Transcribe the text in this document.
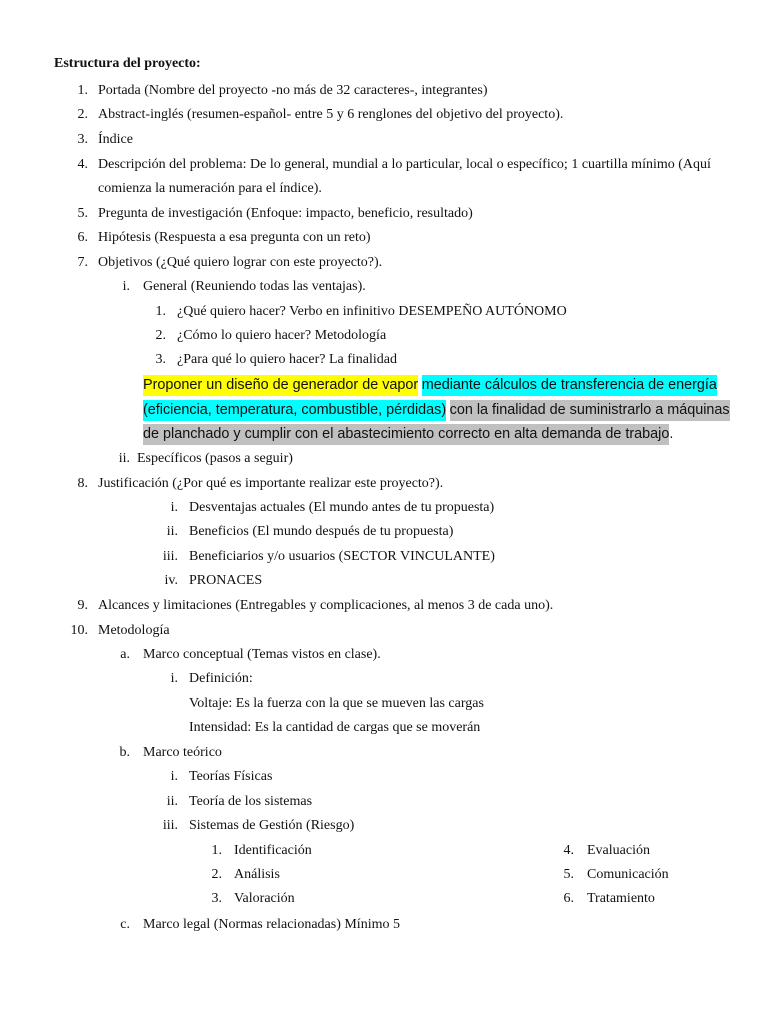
Estructura del proyecto:
1. Portada (Nombre del proyecto -no más de 32 caracteres-, integrantes)
2. Abstract-inglés (resumen-español- entre 5 y 6 renglones del objetivo del proyecto).
3. Índice
4. Descripción del problema: De lo general, mundial a lo particular, local o específico; 1 cuartilla mínimo (Aquí
comienza la numeración para el índice).
5. Pregunta de investigación (Enfoque: impacto, beneficio, resultado)
6. Hipótesis (Respuesta a esa pregunta con un reto)
7. Objetivos (¿Qué quiero lograr con este proyecto?).
i. General (Reuniendo todas las ventajas).
1. ¿Qué quiero hacer? Verbo en infinitivo DESEMPEÑO AUTÓNOMO
2. ¿Cómo lo quiero hacer? Metodología
3. ¿Para qué lo quiero hacer? La finalidad
Proponer un diseño de generador de vapor mediante cálculos de transferencia de energía
(eficiencia, temperatura, combustible, pérdidas) con la finalidad de suministrarlo a máquinas
de planchado y cumplir con el abastecimiento correcto en alta demanda de trabajo.
ii. Específicos (pasos a seguir)
8. Justificación (¿Por qué es importante realizar este proyecto?).
i. Desventajas actuales (El mundo antes de tu propuesta)
ii. Beneficios (El mundo después de tu propuesta)
iii. Beneficiarios y/o usuarios (SECTOR VINCULANTE)
iv. PRONACES
9. Alcances y limitaciones (Entregables y complicaciones, al menos 3 de cada uno).
10. Metodología
a. Marco conceptual (Temas vistos en clase).
i. Definición:
Voltaje: Es la fuerza con la que se mueven las cargas
Intensidad: Es la cantidad de cargas que se moverán
b. Marco teórico
i. Teorías Físicas
ii. Teoría de los sistemas
iii. Sistemas de Gestión (Riesgo)
1. Identificación
2. Análisis
3. Valoración
4. Evaluación
5. Comunicación
6. Tratamiento
c. Marco legal (Normas relacionadas) Mínimo 5
